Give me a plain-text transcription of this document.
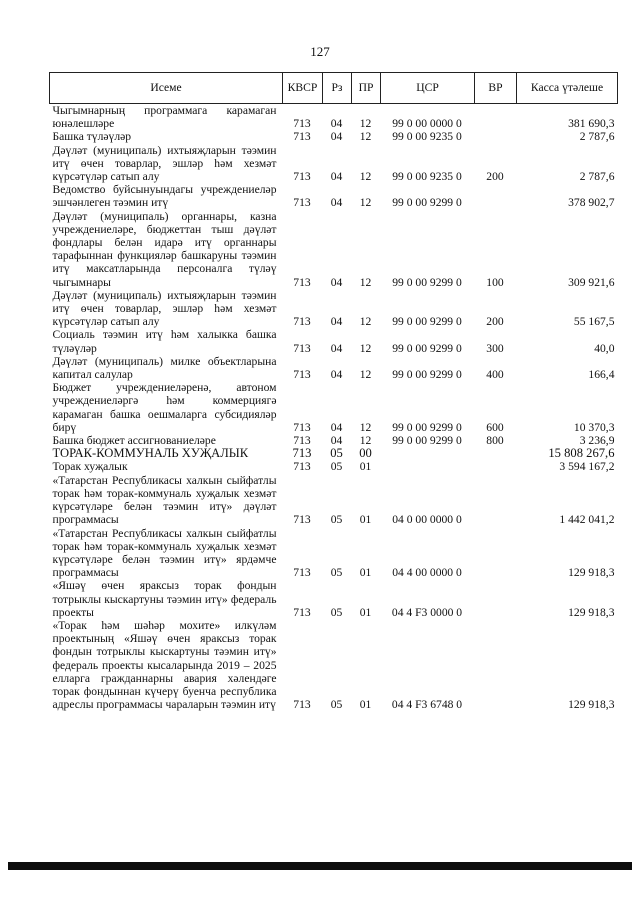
127
Исеме	КВСР	Рз	ПР	ЦСР	ВР	Касса үтәлеше
Чыгымнарның программага карамаган юнәлешләре	713	04	12	99 0 00 0000 0		381 690,3
Башка түләүләр	713	04	12	99 0 00 9235 0		2 787,6
Дәүләт (муниципаль) ихтыяҗларын тәэмин итү өчен товарлар, эшләр һәм хезмәт күрсәтүләр сатып алу	713	04	12	99 0 00 9235 0	200	2 787,6
Ведомство буйсынуындагы учреждениеләр эшчәнлеген тәэмин итү	713	04	12	99 0 00 9299 0		378 902,7
Дәүләт (муниципаль) органнары, казна учреждениеләре, бюджеттан тыш дәүләт фондлары белән идарә итү органнары тарафыннан функцияләр башкаруны тәэмин итү максатларында персоналга түләү чыгымнары	713	04	12	99 0 00 9299 0	100	309 921,6
Дәүләт (муниципаль) ихтыяҗларын тәэмин итү өчен товарлар, эшләр һәм хезмәт күрсәтүләр сатып алу	713	04	12	99 0 00 9299 0	200	55 167,5
Социаль тәэмин итү һәм халыкка башка түләүләр	713	04	12	99 0 00 9299 0	300	40,0
Дәүләт (муниципаль) милке объектларына капитал салулар	713	04	12	99 0 00 9299 0	400	166,4
Бюджет учреждениеләренә, автоном учреждениеләргә һәм коммерциягә карамаган башка оешмаларга субсидияләр бирү	713	04	12	99 0 00 9299 0	600	10 370,3
Башка бюджет ассигнованиеләре	713	04	12	99 0 00 9299 0	800	3 236,9
ТОРАК-КОММУНАЛЬ ХУҖАЛЫК	713	05	00			15 808 267,6
Торак хуҗалык	713	05	01			3 594 167,2
«Татарстан Республикасы халкын сыйфатлы торак һәм торак-коммуналь хуҗалык хезмәт күрсәтүләре белән тәэмин итү» дәүләт программасы	713	05	01	04 0 00 0000 0		1 442 041,2
«Татарстан Республикасы халкын сыйфатлы торак һәм торак-коммуналь хуҗалык хезмәт күрсәтүләре белән тәэмин итү» ярдәмче программасы	713	05	01	04 4 00 0000 0		129 918,3
«Яшәү өчен яраксыз торак фондын тотрыклы кыскартуны тәэмин итү» федераль проекты	713	05	01	04 4 F3 0000 0		129 918,3
«Торак һәм шәһәр мохите» илкүләм проектының «Яшәү өчен яраксыз торак фондын тотрыклы кыскартуны тәэмин итү» федераль проекты кысаларында 2019 – 2025 елларга гражданнарны авария хәлендәге торак фондыннан күчерү буенча республика адреслы программасы чараларын тәэмин итү	713	05	01	04 4 F3 6748 0		129 918,3
